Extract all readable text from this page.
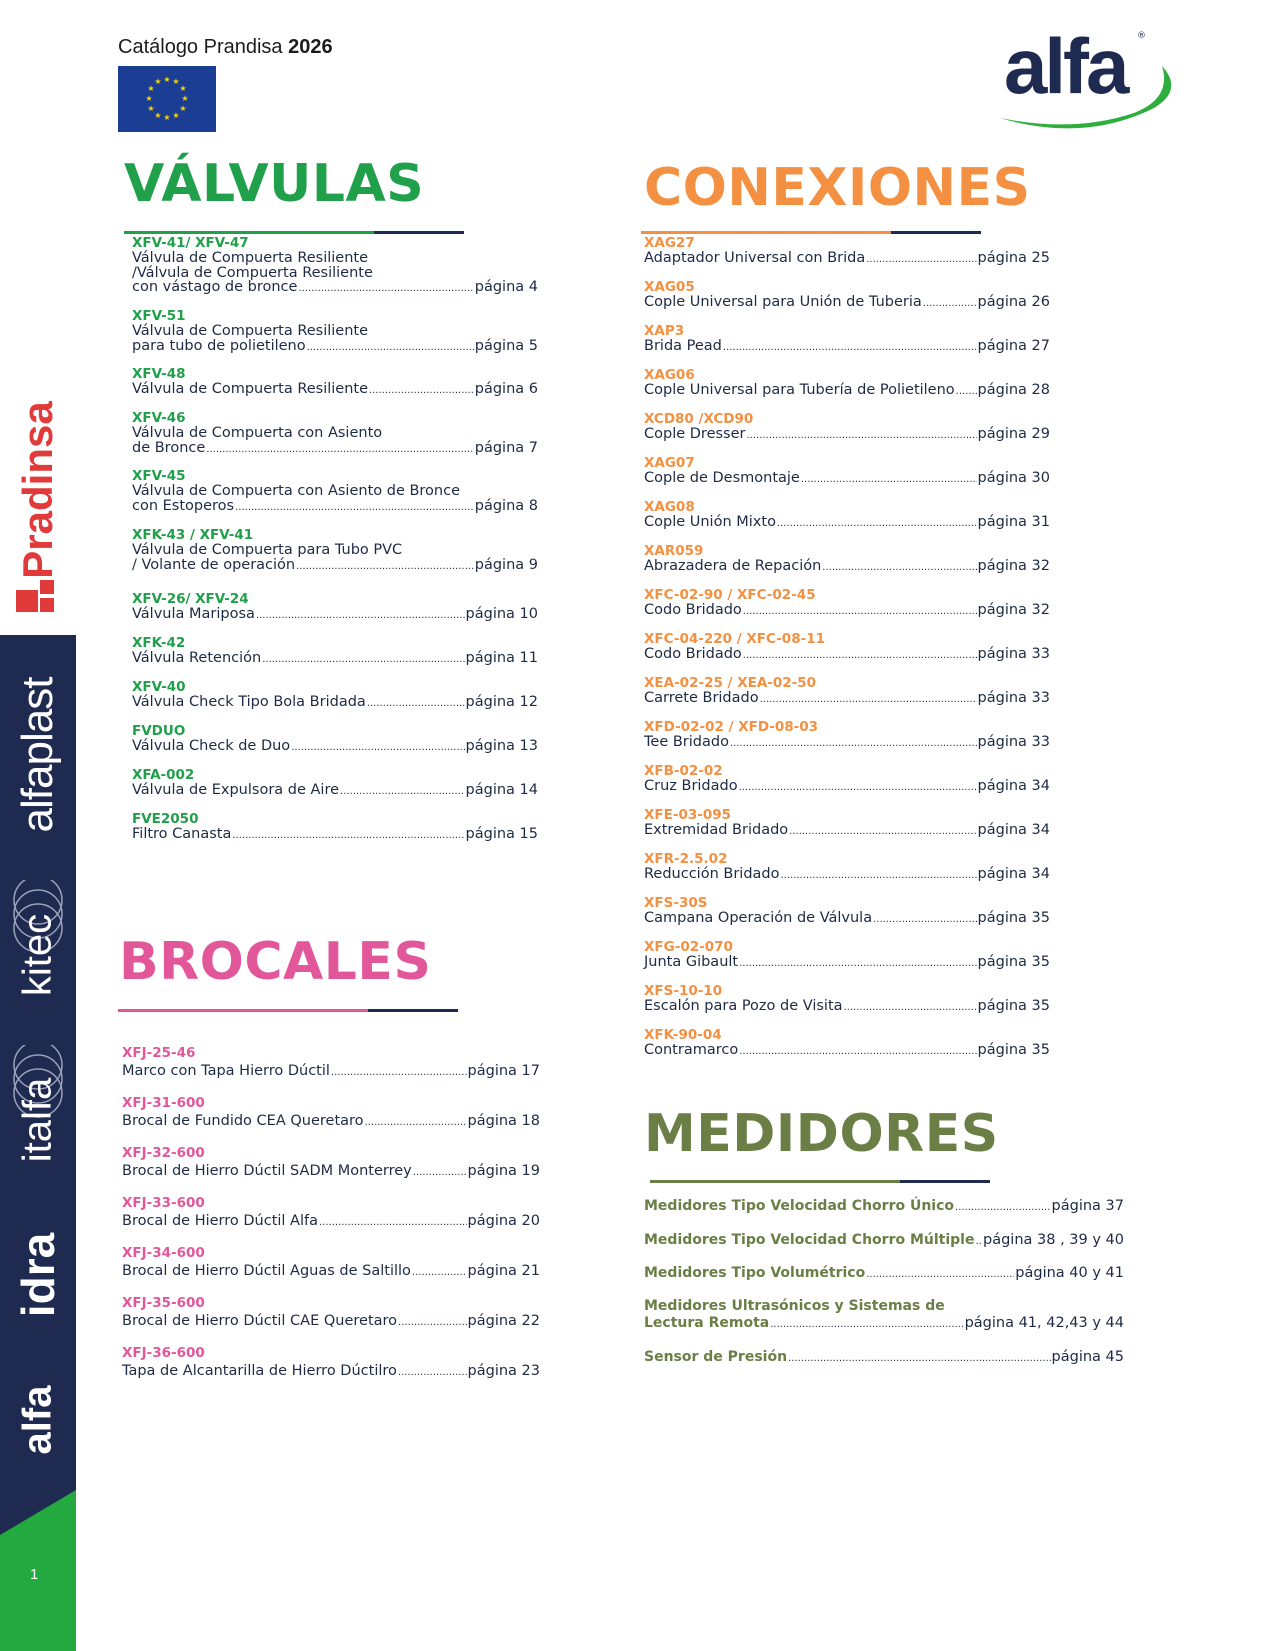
Pradinsa
alfaplast
kitec
italfa
idra
alfa
1
Catálogo Prandisa 2026
★ ★
★
★
★
★
★
★
★
★
★
★	alfa	®
VÁLVULAS
XFV-41/ XFV-47
Válvula de Compuerta Resiliente
/Válvula de Compuerta Resiliente
con vástago de bronce .....	página 4
XFV-51
Válvula de Compuerta Resiliente
para tubo de polietileno .....	página 5
XFV-48
Válvula de Compuerta Resiliente .....	página 6
XFV-46
Válvula de Compuerta con Asiento
de Bronce .....	página 7
XFV-45
Válvula de Compuerta con Asiento de Bronce
con Estoperos .....	página 8
XFK-43 / XFV-41
Válvula de Compuerta para Tubo PVC
/ Volante de operación .....	página 9
XFV-26/ XFV-24
Válvula Mariposa .....	página 10
XFK-42
Válvula Retención .....	página 11
XFV-40
Válvula Check Tipo Bola Bridada .....	página 12
FVDUO
Válvula Check de Duo .....	página 13
XFA-002
Válvula de Expulsora de Aire .....	página 14
FVE2050
Filtro Canasta .....	página 15
CONEXIONES
XAG27
Adaptador Universal con Brida .....	página 25
XAG05
Cople Universal para Unión de Tuberia .....	página 26
XAP3
Brida Pead .....	página 27
XAG06
Cople Universal para Tubería de Polietileno ..... página 28
XCD80 /XCD90
Cople Dresser .....	página 29
XAG07
Cople de Desmontaje .....	página 30
XAG08
Cople Unión Mixto .....	página 31
XAR059
Abrazadera de Repación .....	página 32
XFC-02-90 / XFC-02-45
Codo Bridado .....	página 32
XFC-04-220 / XFC-08-11
Codo Bridado .....	página 33
XEA-02-25 / XEA-02-50
Carrete Bridado .....	página 33
XFD-02-02 / XFD-08-03
Tee Bridado .....	página 33
XFB-02-02
Cruz Bridado .....	página 34
XFE-03-095
Extremidad Bridado .....	página 34
XFR-2.5.02
Reducción Bridado .....	página 34
XFS-30S
Campana Operación de Válvula .....	página 35
XFG-02-070
Junta Gibault .....	página 35
XFS-10-10
Escalón para Pozo de Visita .....	página 35
XFK-90-04
Contramarco .....	página 35
BROCALES
XFJ-25-46
Marco con Tapa Hierro Dúctil .....	página 17
XFJ-31-600
Brocal de Fundido CEA Queretaro .....	página 18
XFJ-32-600
Brocal de Hierro Dúctil SADM Monterrey .....	página 19
XFJ-33-600
Brocal de Hierro Dúctil Alfa .....	página 20
XFJ-34-600
Brocal de Hierro Dúctil Aguas de Saltillo .....	página 21
XFJ-35-600
Brocal de Hierro Dúctil CAE Queretaro .....	página 22
XFJ-36-600
Tapa de Alcantarilla de Hierro Dúctilro .....	página 23
MEDIDORES
Medidores Tipo Velocidad Chorro Único .....	página 37
Medidores Tipo Velocidad Chorro Múltiple ..... página 38 , 39 y 40
Medidores Tipo Volumétrico .....	página 40 y 41
Medidores Ultrasónicos y Sistemas de
Lectura Remota .....	página 41, 42,43 y 44
Sensor de Presión .....	página 45
